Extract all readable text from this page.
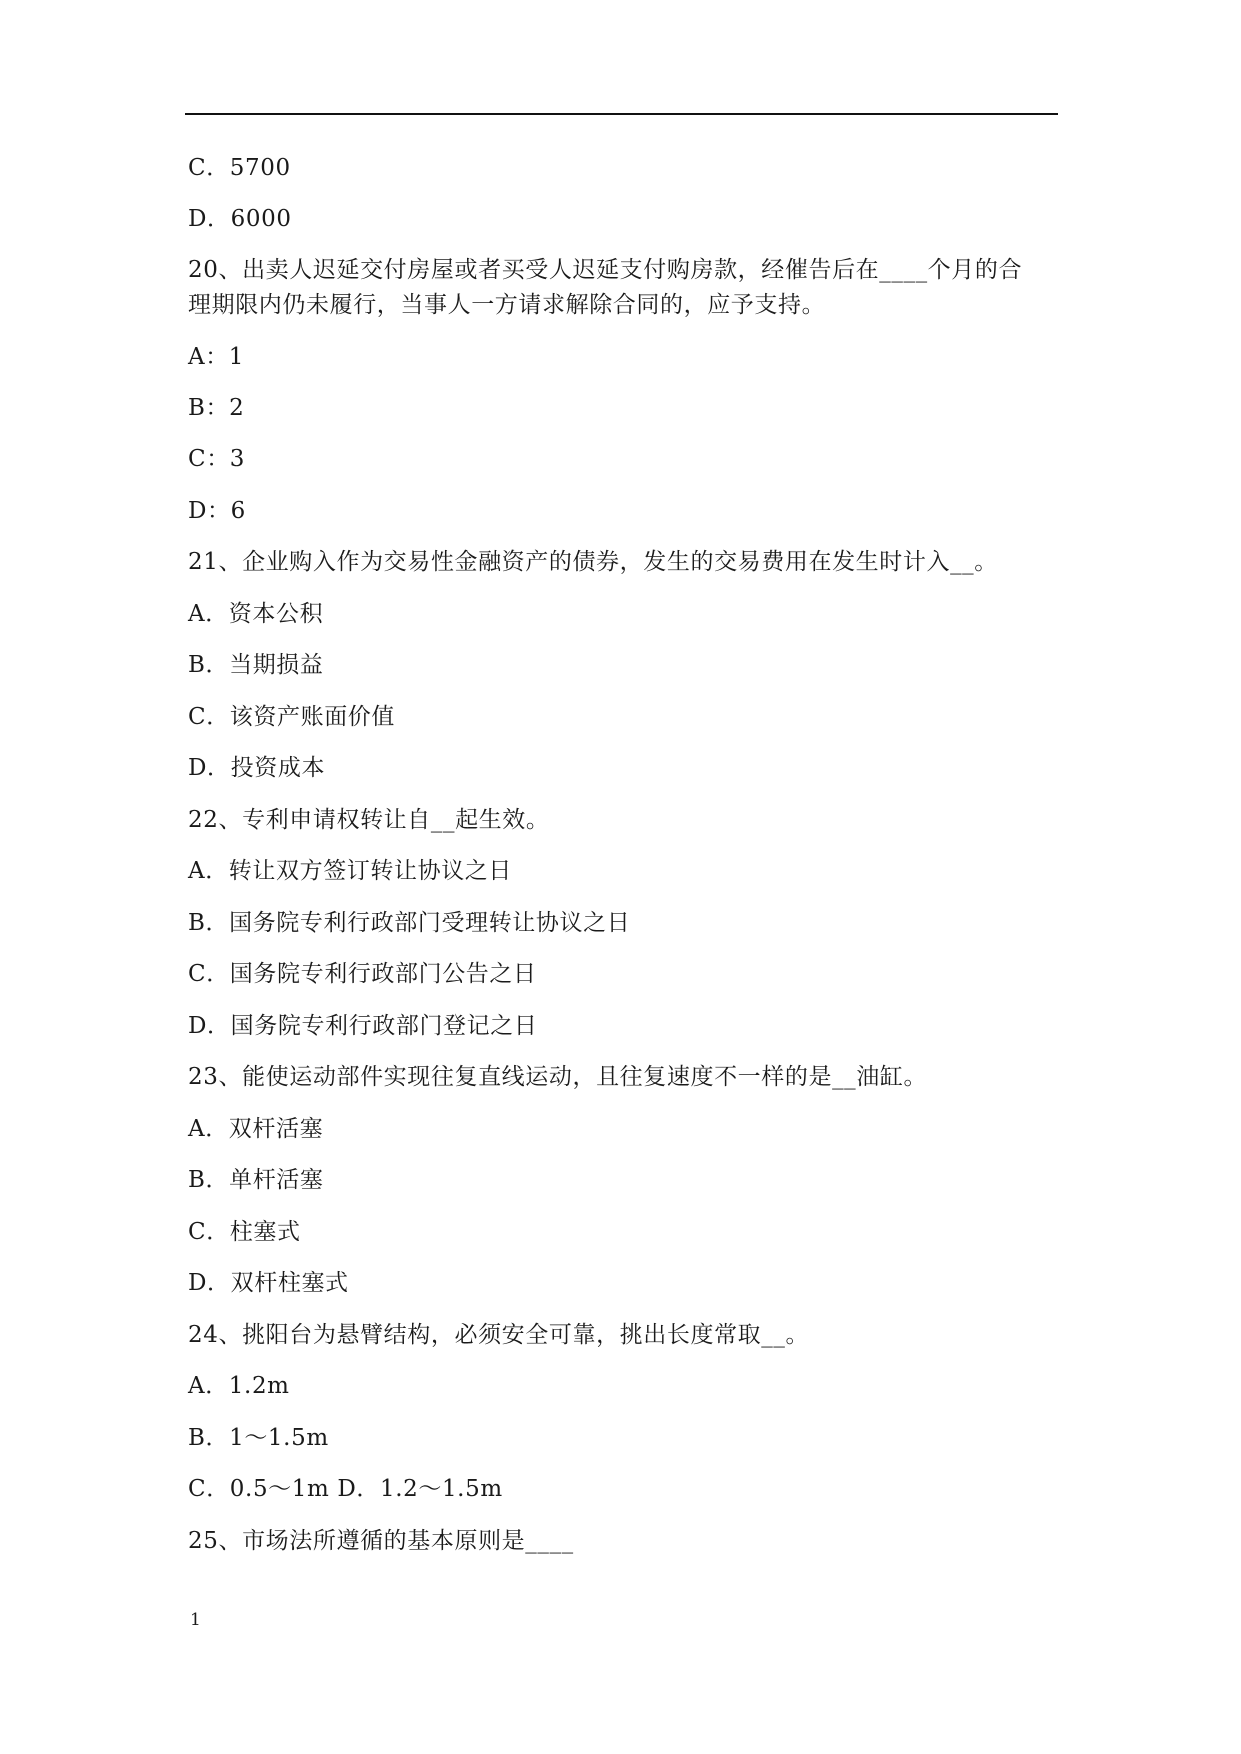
C．5700
D．6000
20、出卖人迟延交付房屋或者买受人迟延支付购房款，经催告后在____个月的合
理期限内仍未履行，当事人一方请求解除合同的，应予支持。
A：1
B：2
C：3
D：6
21、企业购入作为交易性金融资产的债券，发生的交易费用在发生时计入__。
A．资本公积
B．当期损益
C．该资产账面价值
D．投资成本
22、专利申请权转让自__起生效。
A．转让双方签订转让协议之日
B．国务院专利行政部门受理转让协议之日
C．国务院专利行政部门公告之日
D．国务院专利行政部门登记之日
23、能使运动部件实现往复直线运动，且往复速度不一样的是__油缸。
A．双杆活塞
B．单杆活塞
C．柱塞式
D．双杆柱塞式
24、挑阳台为悬臂结构，必须安全可靠，挑出长度常取__。
A．1.2m
B．1～1.5m
C．0.5～1m D．1.2～1.5m
25、市场法所遵循的基本原则是____
1
